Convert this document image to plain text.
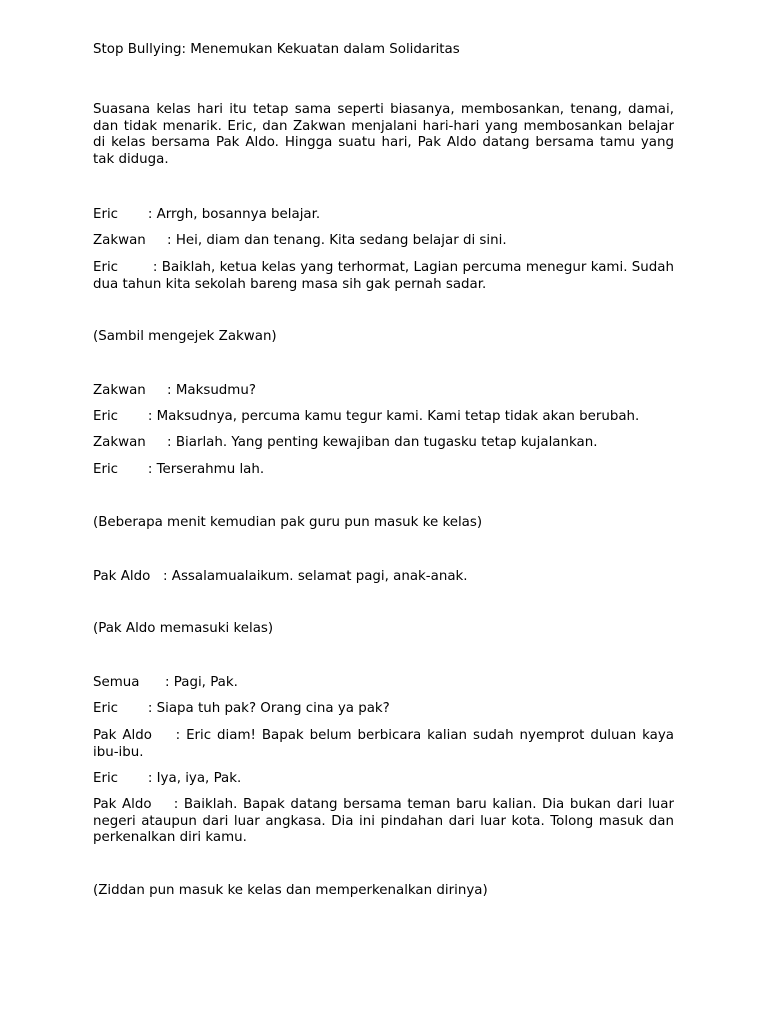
Stop Bullying: Menemukan Kekuatan dalam Solidaritas

Suasana kelas hari itu tetap sama seperti biasanya, membosankan, tenang, damai, dan tidak menarik. Eric, dan Zakwan menjalani hari-hari yang membosankan belajar di kelas bersama Pak Aldo. Hingga suatu hari, Pak Aldo datang bersama tamu yang tak diduga.

Eric       : Arrgh, bosannya belajar.

Zakwan     : Hei, diam dan tenang. Kita sedang belajar di sini.

Eric        : Baiklah, ketua kelas yang terhormat, Lagian percuma menegur kami. Sudah dua tahun kita sekolah bareng masa sih gak pernah sadar.

(Sambil mengejek Zakwan)

Zakwan     : Maksudmu?

Eric       : Maksudnya, percuma kamu tegur kami. Kami tetap tidak akan berubah.

Zakwan     : Biarlah. Yang penting kewajiban dan tugasku tetap kujalankan.

Eric       : Terserahmu lah.

(Beberapa menit kemudian pak guru pun masuk ke kelas)

Pak Aldo   : Assalamualaikum. selamat pagi, anak-anak.

(Pak Aldo memasuki kelas)

Semua      : Pagi, Pak.

Eric       : Siapa tuh pak? Orang cina ya pak?

Pak Aldo    : Eric diam! Bapak belum berbicara kalian sudah nyemprot duluan kaya ibu-ibu.

Eric       : Iya, iya, Pak.

Pak Aldo    : Baiklah. Bapak datang bersama teman baru kalian. Dia bukan dari luar negeri ataupun dari luar angkasa. Dia ini pindahan dari luar kota. Tolong masuk dan perkenalkan diri kamu.

(Ziddan pun masuk ke kelas dan memperkenalkan dirinya)
